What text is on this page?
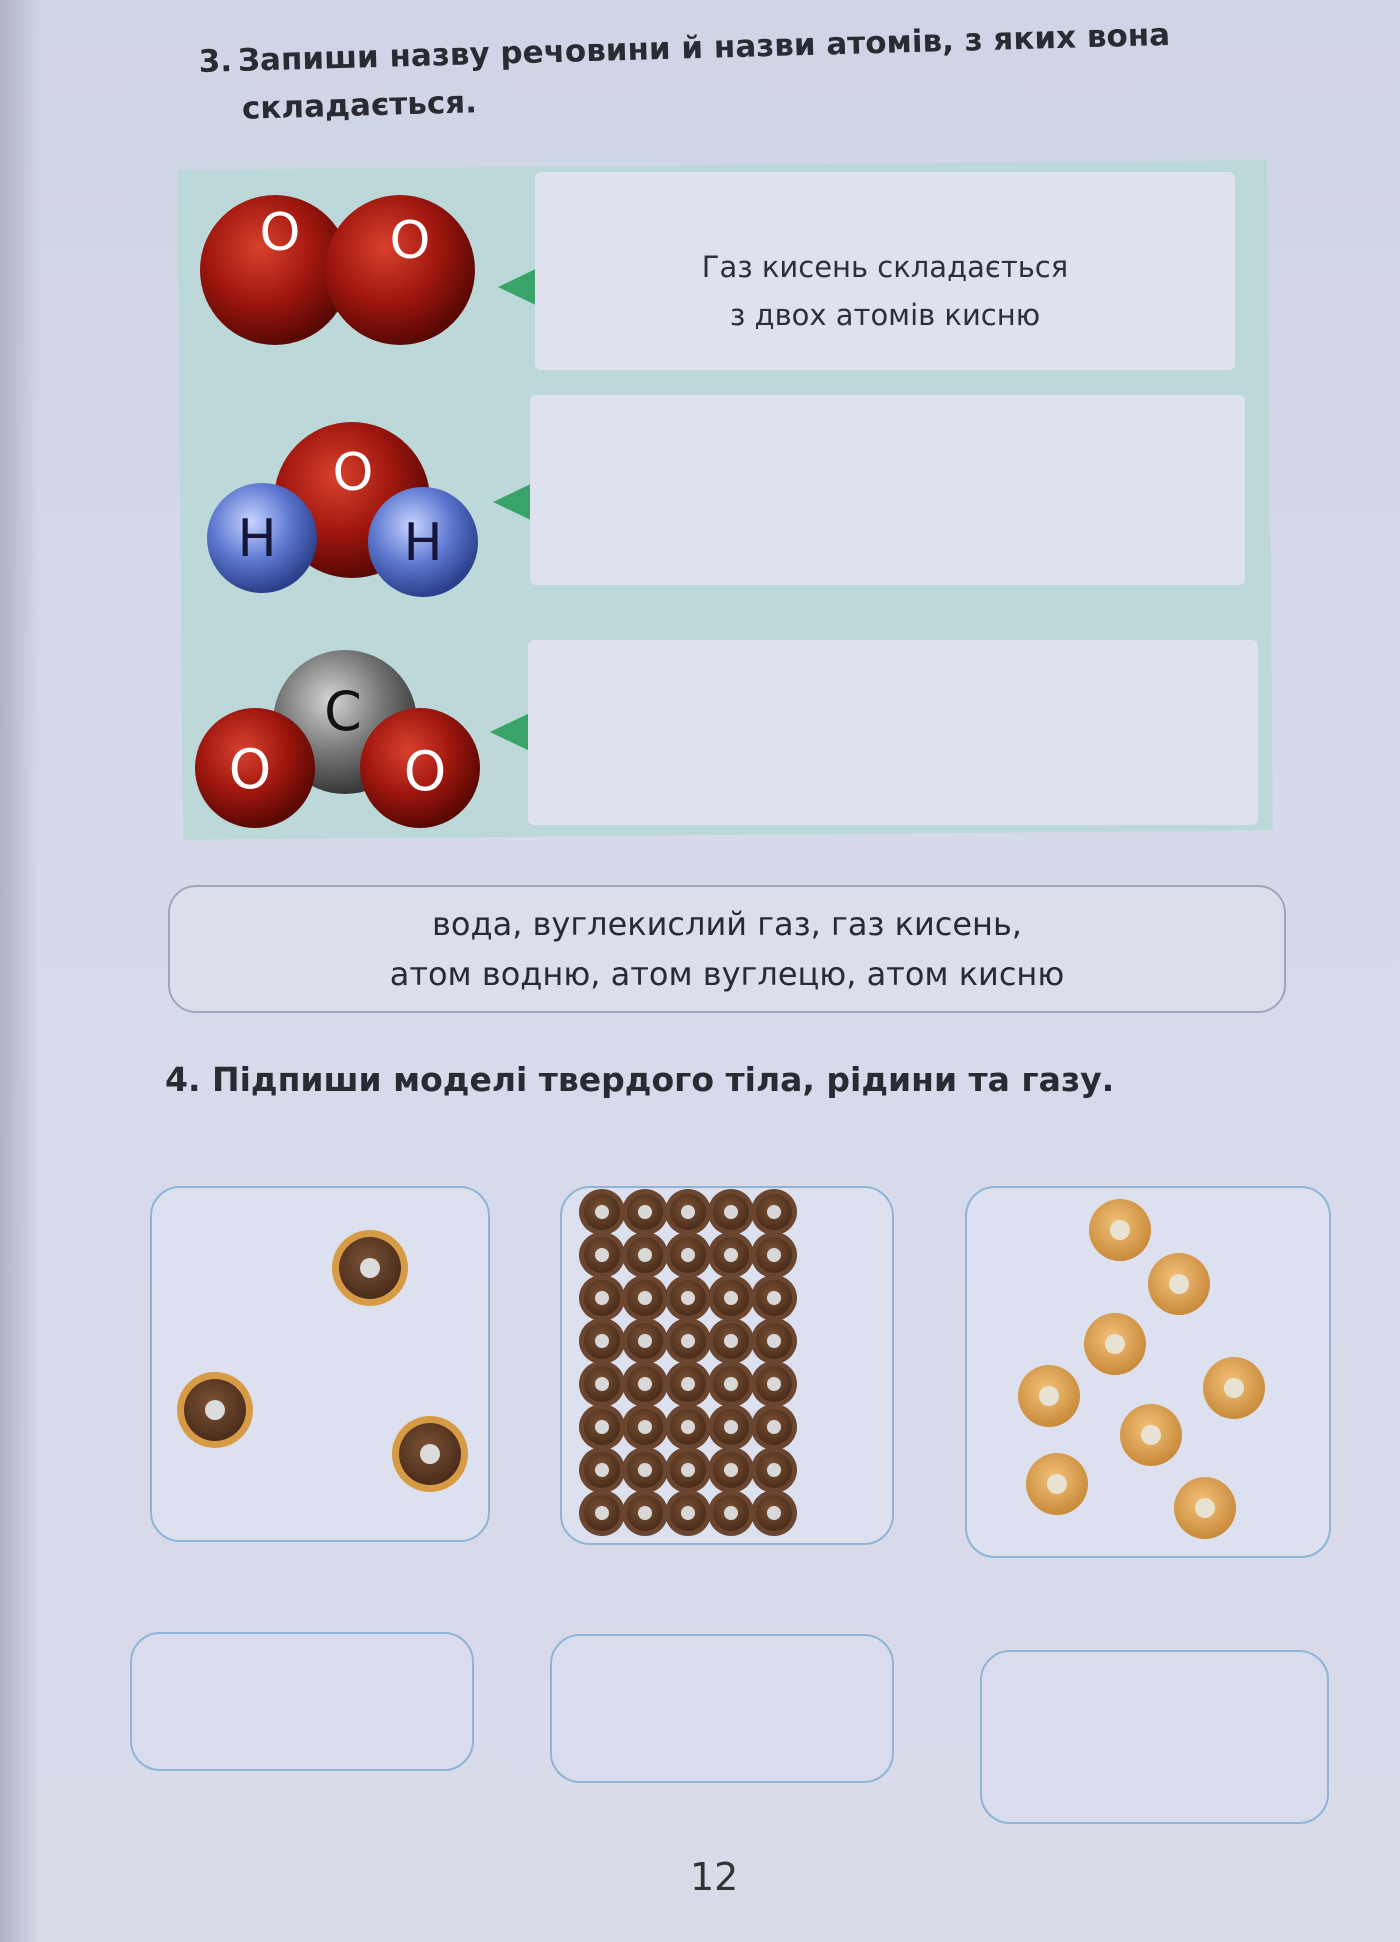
3. Запиши назву речовини й назви атомів, з яких вона
складається.
O O	Газ кисень складається
з двох атомів кисню
O
H H
C
O O
вода, вуглекислий газ, газ кисень,
атом водню, атом вуглецю, атом кисню
4. Підпиши моделі твердого тіла, рідини та газу.
12
